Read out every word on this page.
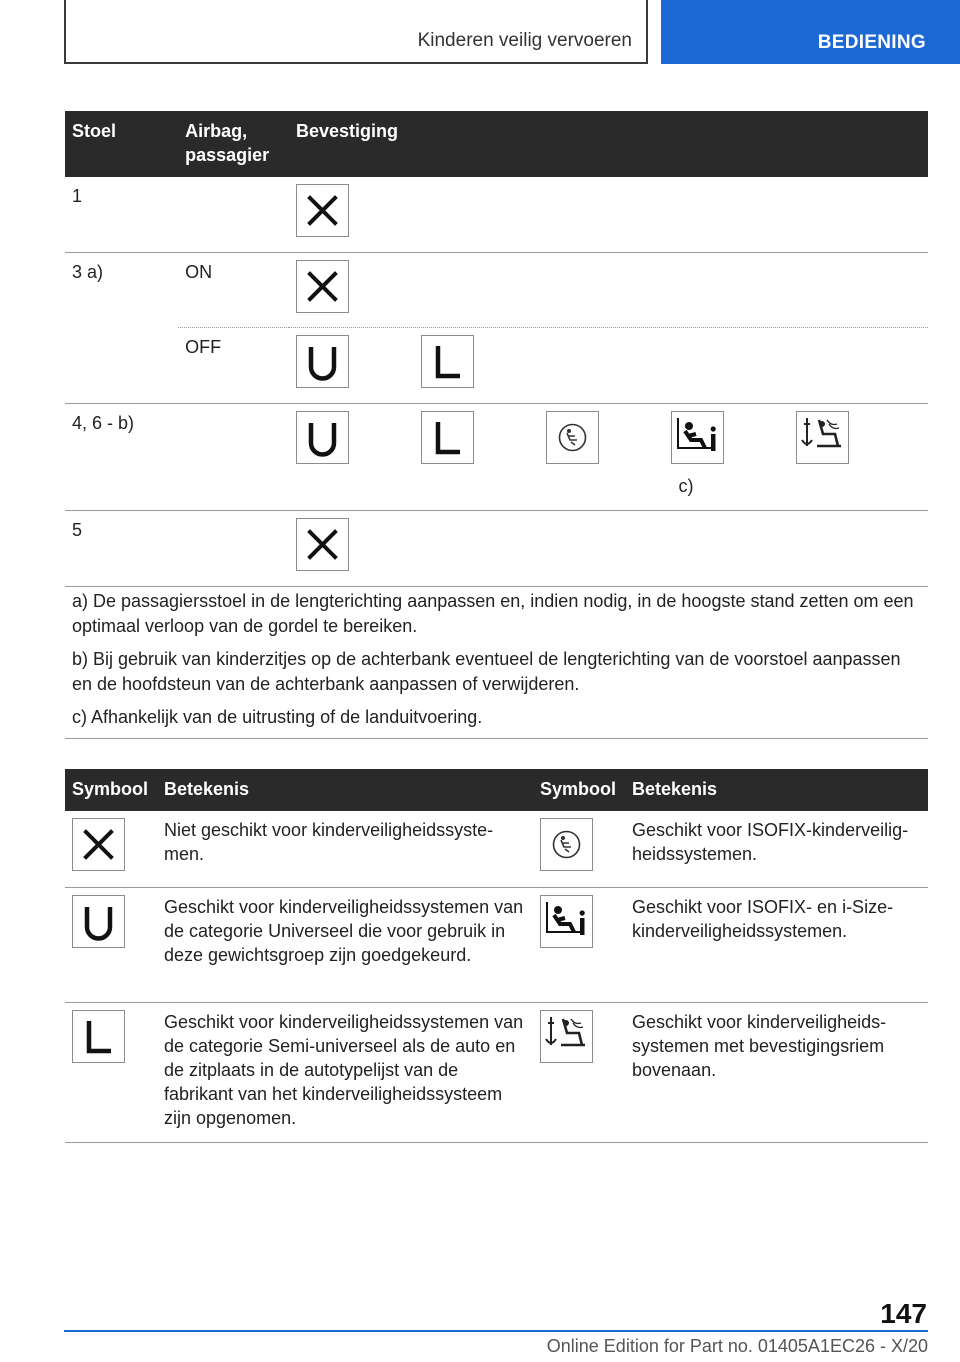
Kinderen veilig vervoeren	BEDIENING
Stoel	Airbag, passagier	Bevestiging
1		

3 a)	ON	

	OFF	

4, 6 - b)		c)

5		
a) De passagiersstoel in de lengterichting aanpassen en, indien nodig, in de hoogste stand zetten om een optimaal verloop van de gordel te bereiken.
b) Bij gebruik van kinderzitjes op de achterbank eventueel de lengterichting van de voorstoel aanpassen en de hoofdsteun van de achterbank aanpassen of verwijderen.
c) Afhankelijk van de uitrusting of de landuitvoering.
Symbool	Betekenis	Symbool	Betekenis

	Niet geschikt voor kinderveiligheidssystemen.		Geschikt voor ISOFIX-kinderveiligheidssystemen.

	Geschikt voor kinderveiligheidssystemen van de categorie Universeel die voor gebruik in deze gewichtsgroep zijn goedgekeurd.		Geschikt voor ISOFIX- en i-Size-kinderveiligheidssystemen.

	Geschikt voor kinderveiligheidssystemen van de categorie Semi-universeel als de auto en de zitplaats in de autotypelijst van de fabrikant van het kinderveiligheidssysteem zijn opgenomen.		Geschikt voor kinderveiligheidssystemen met bevestigingsriem bovenaan.
147
Online Edition for Part no. 01405A1EC26 - X/20
